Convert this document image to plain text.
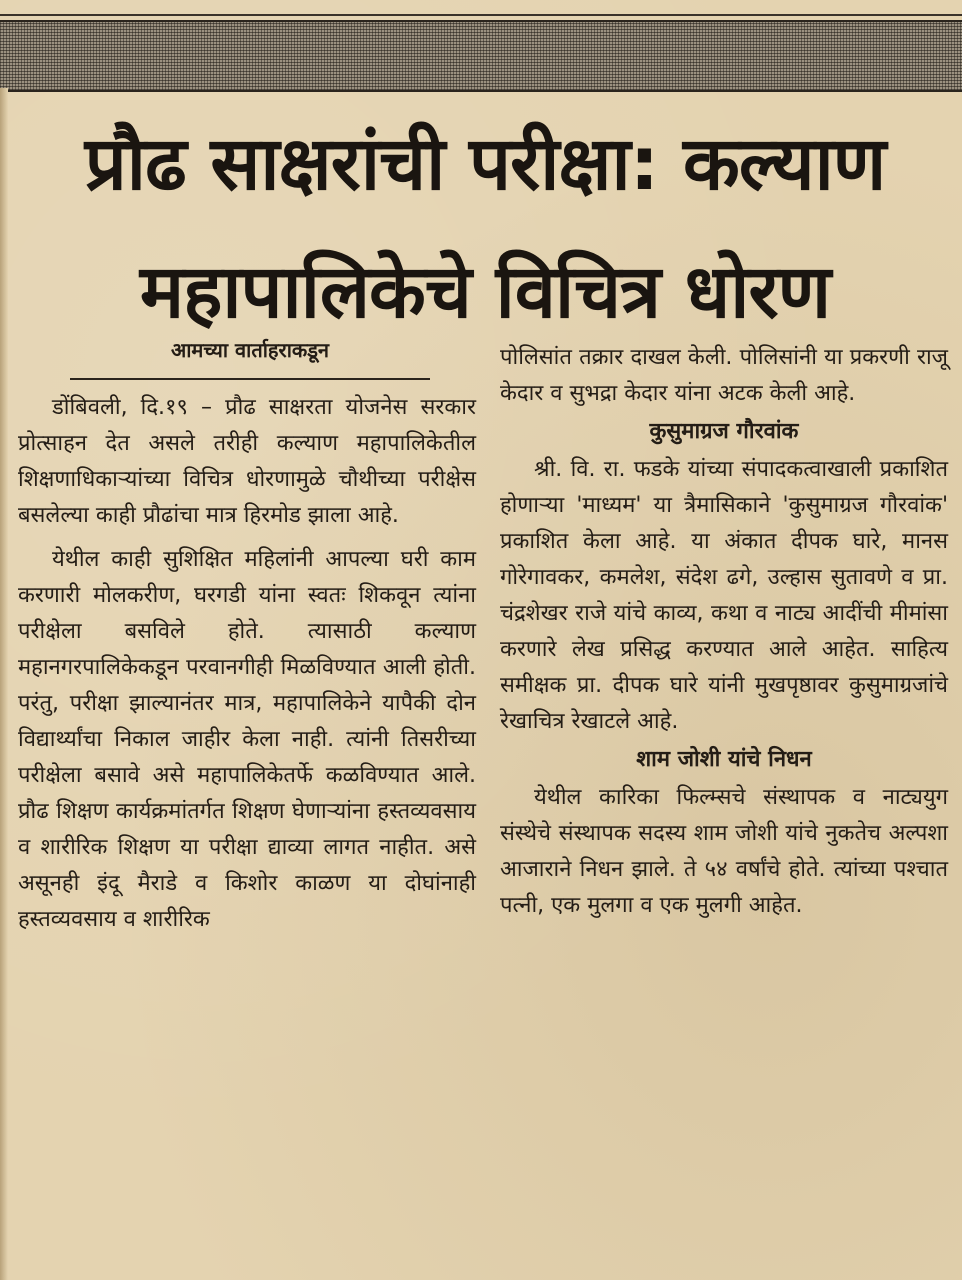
प्रौढ साक्षरांची परीक्षा: कल्याण महापालिकेचे विचित्र धोरण
आमच्या वार्ताहराकडून

डोंबिवली, दि.१९ – प्रौढ साक्षरता योजनेस सरकार प्रोत्साहन देत असले तरीही कल्याण महापालिकेतील शिक्षणाधिकाऱ्यांच्या विचित्र धोरणामुळे चौथीच्या परीक्षेस बसलेल्या काही प्रौढांचा मात्र हिरमोड झाला आहे.

येथील काही सुशिक्षित महिलांनी आपल्या घरी काम करणारी मोलकरीण, घरगडी यांना स्वतः शिकवून त्यांना परीक्षेला बसविले होते. त्यासाठी कल्याण महानगरपालिकेकडून परवानगीही मिळविण्यात आली होती. परंतु, परीक्षा झाल्यानंतर मात्र, महापालिकेने यापैकी दोन विद्यार्थ्यांचा निकाल जाहीर केला नाही. त्यांनी तिसरीच्या परीक्षेला बसावे असे महापालिकेतर्फे कळविण्यात आले. प्रौढ शिक्षण कार्यक्रमांतर्गत शिक्षण घेणाऱ्यांना हस्तव्यवसाय व शारीरिक शिक्षण या परीक्षा द्याव्या लागत नाहीत. असे असूनही इंदू मैराडे व किशोर काळण या दोघांनाही हस्तव्यवसाय व शारीरिक

पोलिसांत तक्रार दाखल केली. पोलिसांनी या प्रकरणी राजू केदार व सुभद्रा केदार यांना अटक केली आहे.

कुसुमाग्रज गौरवांक

श्री. वि. रा. फडके यांच्या संपादकत्वाखाली प्रकाशित होणाऱ्या 'माध्यम' या त्रैमासिकाने 'कुसुमाग्रज गौरवांक' प्रकाशित केला आहे. या अंकात दीपक घारे, मानस गोरेगावकर, कमलेश, संदेश ढगे, उल्हास सुतावणे व प्रा. चंद्रशेखर राजे यांचे काव्य, कथा व नाट्य आदींची मीमांसा करणारे लेख प्रसिद्ध करण्यात आले आहेत. साहित्य समीक्षक प्रा. दीपक घारे यांनी मुखपृष्ठावर कुसुमाग्रजांचे रेखाचित्र रेखाटले आहे.

शाम जोशी यांचे निधन

येथील कारिका फिल्म्सचे संस्थापक व नाट्ययुग संस्थेचे संस्थापक सदस्य शाम जोशी यांचे नुकतेच अल्पशा आजाराने निधन झाले. ते ५४ वर्षांचे होते. त्यांच्या पश्चात पत्नी, एक मुलगा व एक मुलगी आहेत.
